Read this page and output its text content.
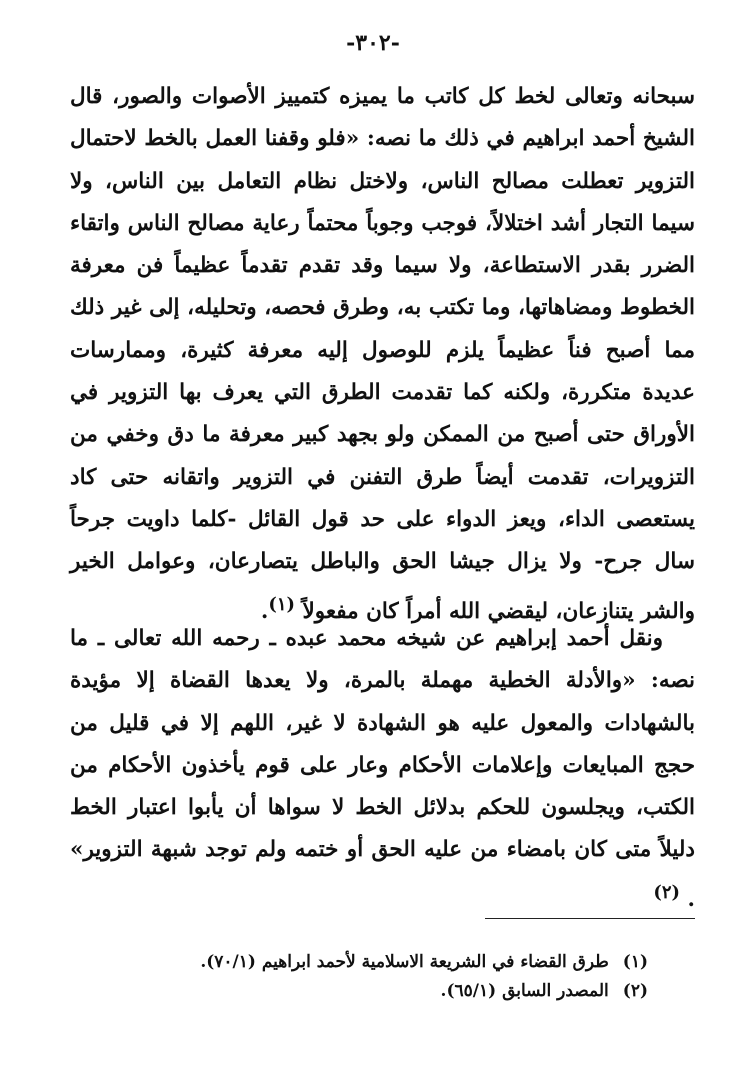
-٣٠٢-

سبحانه وتعالى لخط كل كاتب ما يميزه كتمييز الأصوات والصور، قال الشيخ أحمد ابراهيم في ذلك ما نصه: «فلو وقفنا العمل بالخط لاحتمال التزوير تعطلت مصالح الناس، ولاختل نظام التعامل بين الناس، ولا سيما التجار أشد اختلالاً، فوجب وجوباً محتماً رعاية مصالح الناس واتقاء الضرر بقدر الاستطاعة، ولا سيما وقد تقدم تقدماً عظيماً فن معرفة الخطوط ومضاهاتها، وما تكتب به، وطرق فحصه، وتحليله، إلى غير ذلك مما أصبح فناً عظيماً يلزم للوصول إليه معرفة كثيرة، وممارسات عديدة متكررة، ولكنه كما تقدمت الطرق التي يعرف بها التزوير في الأوراق حتى أصبح من الممكن ولو بجهد كبير معرفة ما دق وخفي من التزويرات، تقدمت أيضاً طرق التفنن في التزوير واتقانه حتى كاد يستعصى الداء، ويعز الدواء على حد قول القائل -كلما داويت جرحاً سال جرح- ولا يزال جيشا الحق والباطل يتصارعان، وعوامل الخير والشر يتنازعان، ليقضي الله أمراً كان مفعولاً $^{(١)}$.

ونقل أحمد إبراهيم عن شيخه محمد عبده ـ رحمه الله تعالى ـ ما نصه: «والأدلة الخطية مهملة بالمرة، ولا يعدها القضاة إلا مؤيدة بالشهادات والمعول عليه هو الشهادة لا غير، اللهم إلا في قليل من حجج المبايعات وإعلامات الأحكام وعار على قوم يأخذون الأحكام من الكتب، ويجلسون للحكم بدلائل الخط لا سواها أن يأبوا اعتبار الخط دليلاً متى كان بامضاء من عليه الحق أو ختمه ولم توجد شبهة التزوير» . $^{(٢)}$

(١)
طرق القضاء في الشريعة الاسلامية لأحمد ابراهيم (٧٠/١).
(٢)
المصدر السابق (٦٥/١).
